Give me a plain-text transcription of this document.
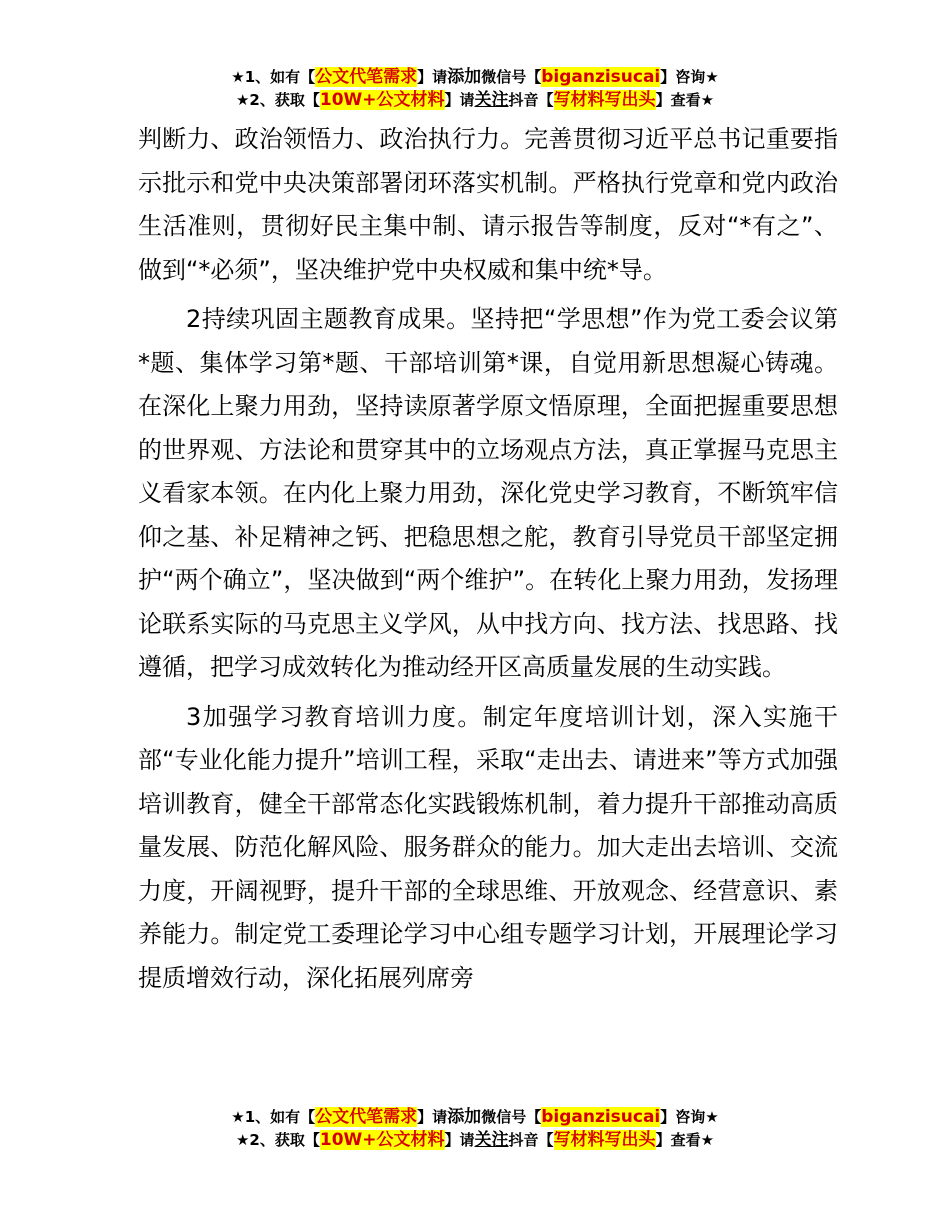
★1、如有【公文代笔需求】请添加微信号【biganzisucai】咨询★
★2、获取【10W+公文材料】请关注抖音【写材料写出头】查看★

判断力、政治领悟力、政治执行力。完善贯彻习近平总书记重要指示批示和党中央决策部署闭环落实机制。严格执行党章和党内政治生活准则，贯彻好民主集中制、请示报告等制度，反对“*有之”、做到“*必须”，坚决维护党中央权威和集中统*导。

2持续巩固主题教育成果。坚持把“学思想”作为党工委会议第*题、集体学习第*题、干部培训第*课，自觉用新思想凝心铸魂。在深化上聚力用劲，坚持读原著学原文悟原理，全面把握重要思想的世界观、方法论和贯穿其中的立场观点方法，真正掌握马克思主义看家本领。在内化上聚力用劲，深化党史学习教育，不断筑牢信仰之基、补足精神之钙、把稳思想之舵，教育引导党员干部坚定拥护“两个确立”，坚决做到“两个维护”。在转化上聚力用劲，发扬理论联系实际的马克思主义学风，从中找方向、找方法、找思路、找遵循，把学习成效转化为推动经开区高质量发展的生动实践。

3加强学习教育培训力度。制定年度培训计划，深入实施干部“专业化能力提升”培训工程，采取“走出去、请进来”等方式加强培训教育，健全干部常态化实践锻炼机制，着力提升干部推动高质量发展、防范化解风险、服务群众的能力。加大走出去培训、交流力度，开阔视野，提升干部的全球思维、开放观念、经营意识、素养能力。制定党工委理论学习中心组专题学习计划，开展理论学习提质增效行动，深化拓展列席旁

★1、如有【公文代笔需求】请添加微信号【biganzisucai】咨询★
★2、获取【10W+公文材料】请关注抖音【写材料写出头】查看★
